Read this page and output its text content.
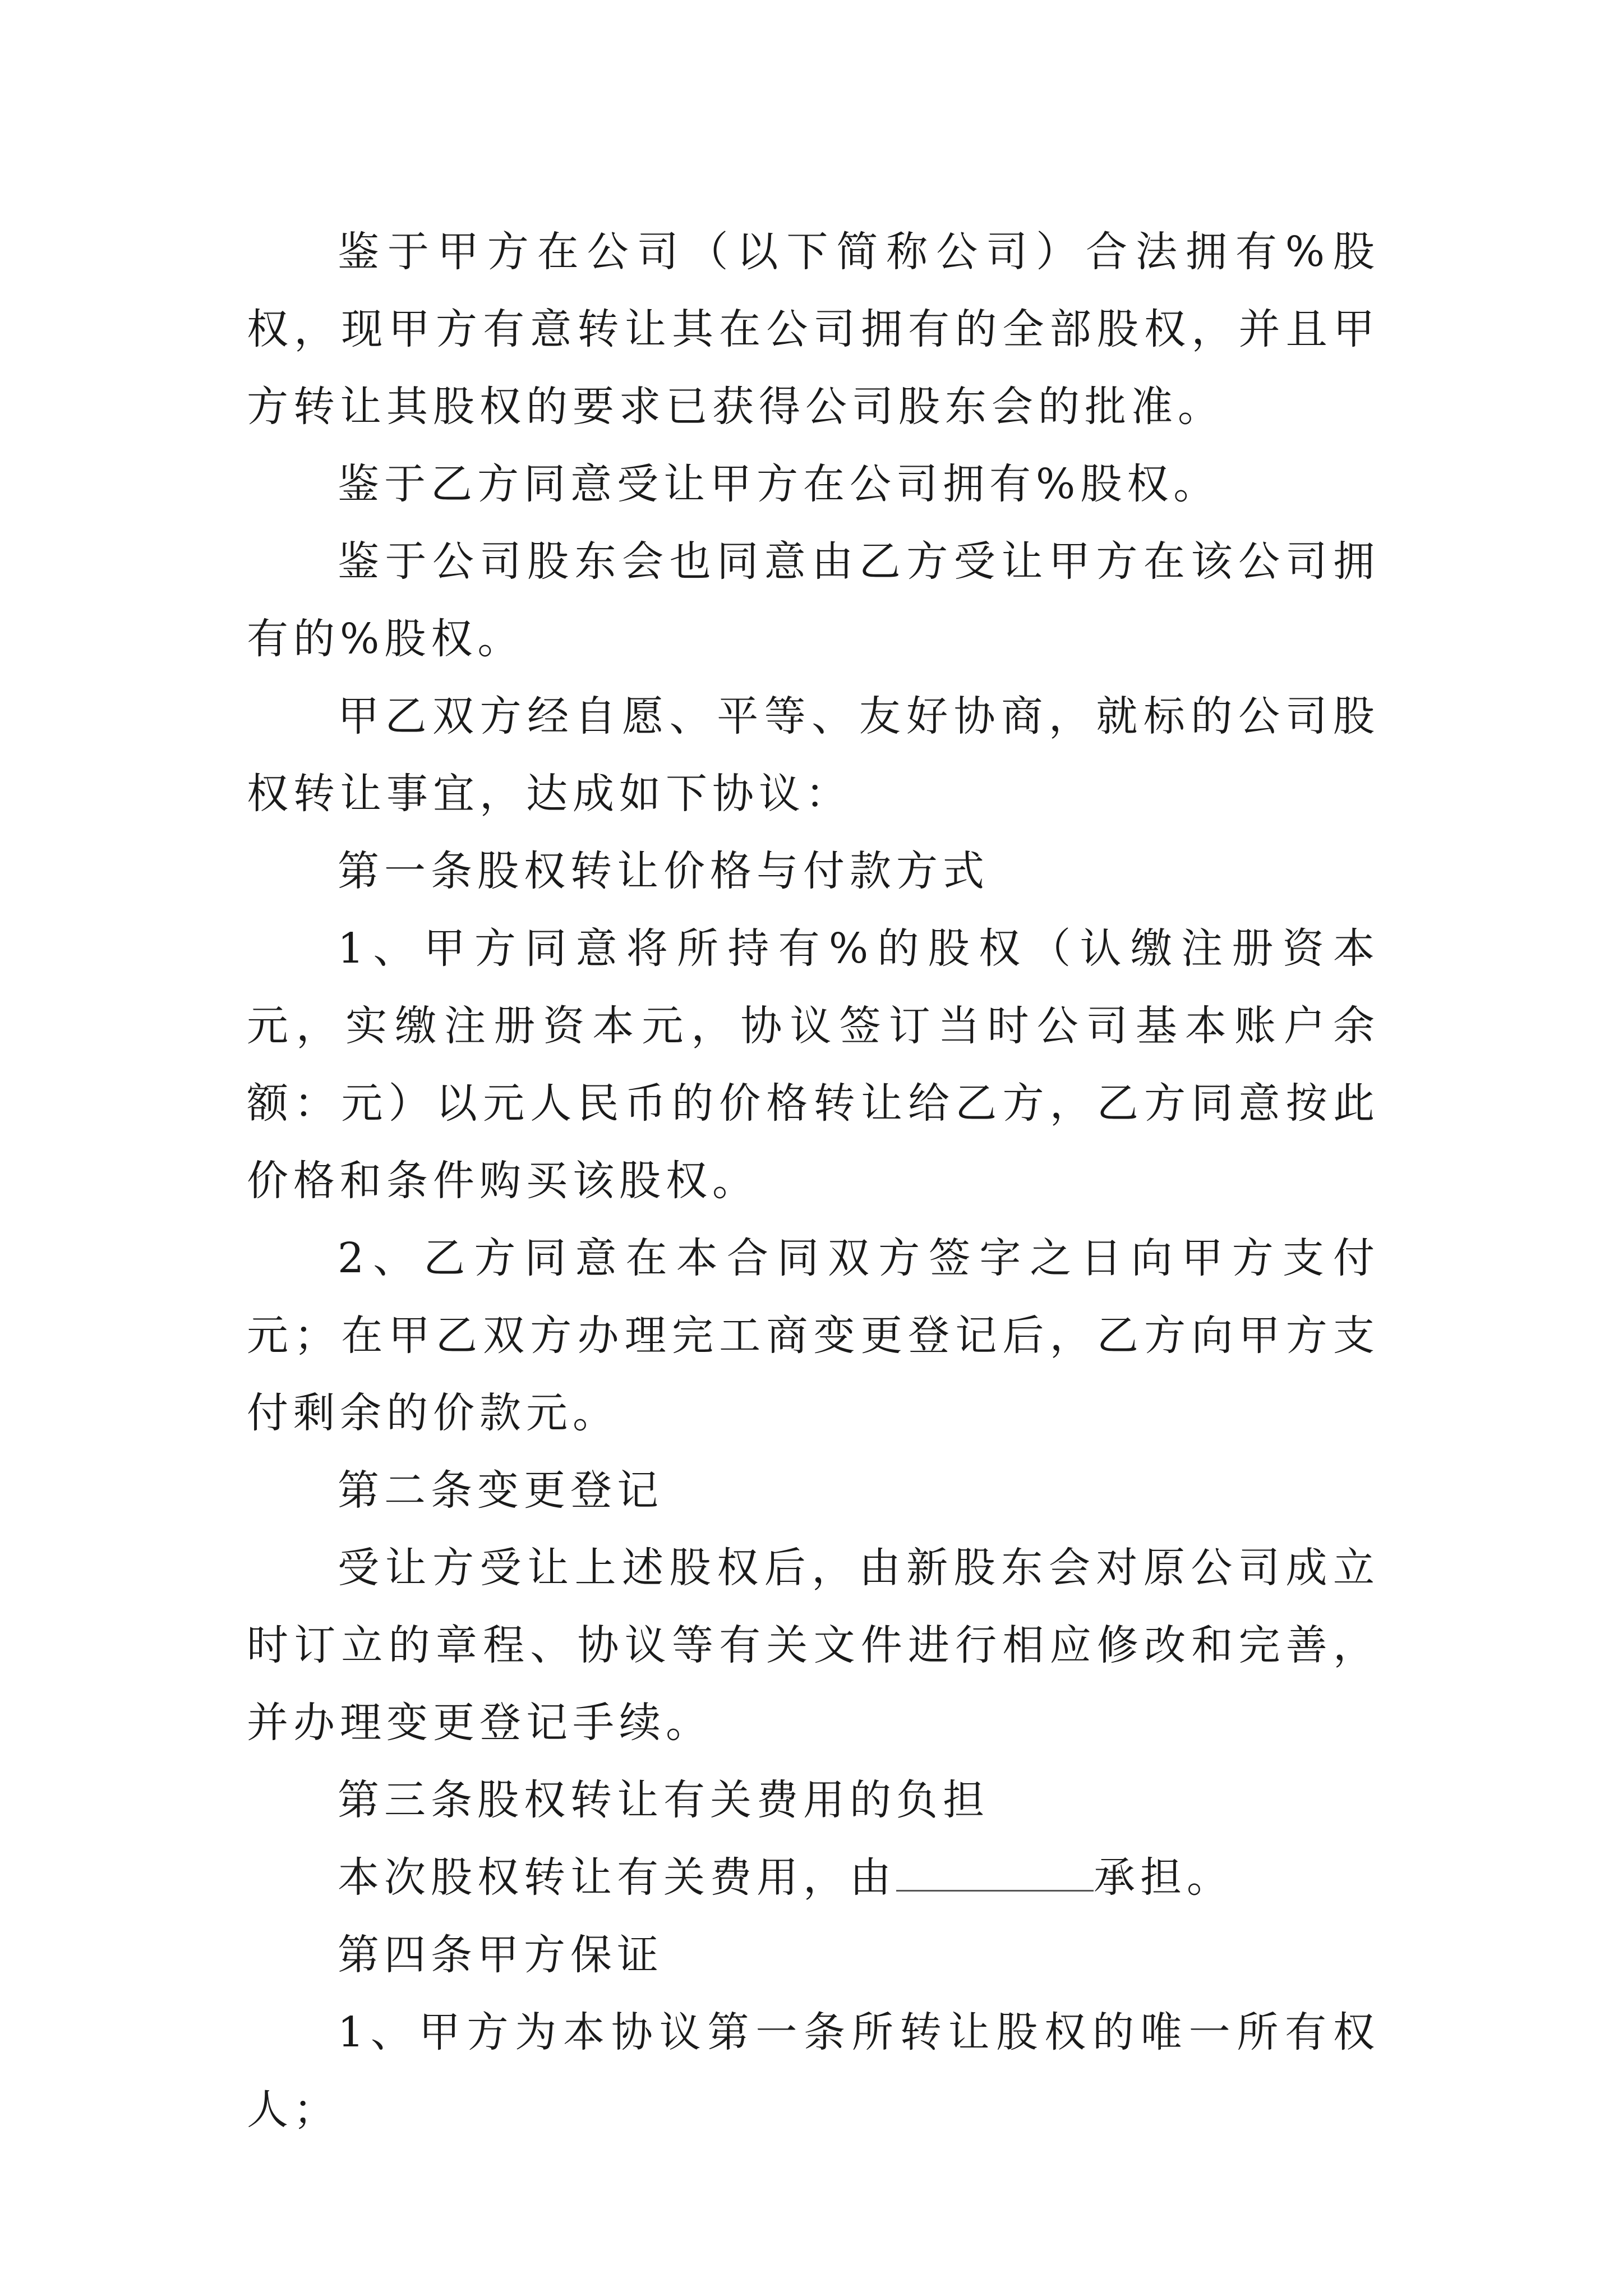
鉴于甲方在公司（以下简称公司）合法拥有%股权，现甲方有意转让其在公司拥有的全部股权，并且甲方转让其股权的要求已获得公司股东会的批准。

鉴于乙方同意受让甲方在公司拥有%股权。

鉴于公司股东会也同意由乙方受让甲方在该公司拥有的%股权。

甲乙双方经自愿、平等、友好协商，就标的公司股权转让事宜，达成如下协议：

第一条股权转让价格与付款方式

1、甲方同意将所持有%的股权（认缴注册资本元，实缴注册资本元，协议签订当时公司基本账户余额：元）以元人民币的价格转让给乙方，乙方同意按此价格和条件购买该股权。

2、乙方同意在本合同双方签字之日向甲方支付元；在甲乙双方办理完工商变更登记后，乙方向甲方支付剩余的价款元。

第二条变更登记

受让方受让上述股权后，由新股东会对原公司成立时订立的章程、协议等有关文件进行相应修改和完善，并办理变更登记手续。

第三条股权转让有关费用的负担

本次股权转让有关费用，由	承担。

第四条甲方保证

1、甲方为本协议第一条所转让股权的唯一所有权人；
